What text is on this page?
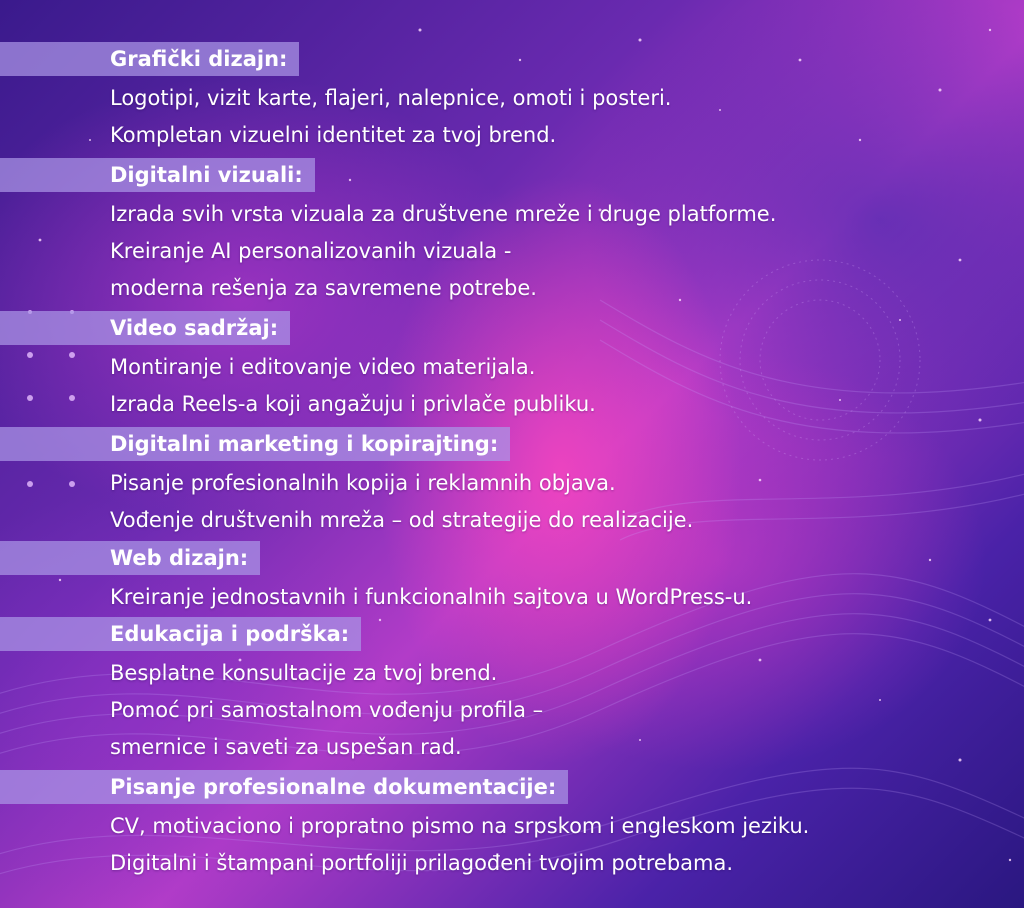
Grafički dizajn:
Logotipi, vizit karte, flajeri, nalepnice, omoti i posteri.
Kompletan vizuelni identitet za tvoj brend.
Digitalni vizuali:
Izrada svih vrsta vizuala za društvene mreže i druge platforme.
Kreiranje AI personalizovanih vizuala -
moderna rešenja za savremene potrebe.
Video sadržaj:
Montiranje i editovanje video materijala.
Izrada Reels-a koji angažuju i privlače publiku.
Digitalni marketing i kopirajting:
Pisanje profesionalnih kopija i reklamnih objava.
Vođenje društvenih mreža – od strategije do realizacije.
Web dizajn:
Kreiranje jednostavnih i funkcionalnih sajtova u WordPress-u.
Edukacija i podrška:
Besplatne konsultacije za tvoj brend.
Pomoć pri samostalnom vođenju profila –
smernice i saveti za uspešan rad.
Pisanje profesionalne dokumentacije:
CV, motivaciono i propratno pismo na srpskom i engleskom jeziku.
Digitalni i štampani portfoliji prilagođeni tvojim potrebama.
